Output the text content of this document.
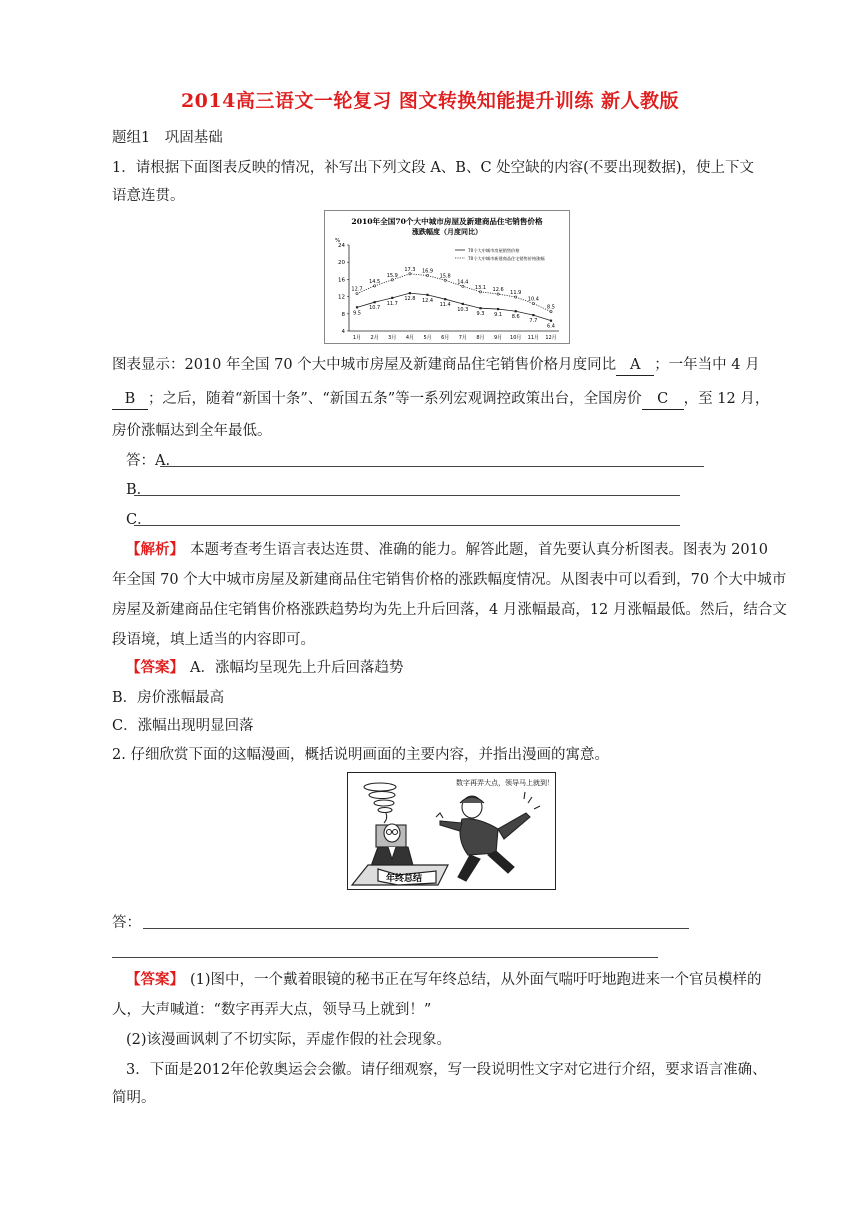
2014高三语文一轮复习 图文转换知能提升训练 新人教版
题组1　巩固基础
1．请根据下面图表反映的情况，补写出下列文段 A、B、C 处空缺的内容(不要出现数据)，使上下文
语意连贯。
2010年全国70个大中城市房屋及新建商品住宅销售价格
涨跌幅度（月度同比）
%
4
8
12
16
20
24
1月 2月 3月 4月 5月 6月 7月 8月 9月 10月 11月 12月
70个大中城市房屋销售价格
70个大中城市新建商品住宅销售价格涨幅
9.5
10.7
11.7
12.8 12.4
11.4
10.3
9.3 9.1 8.6
7.7
6.4
12.7
14.5
15.9
17.3 16.9
15.8
14.4
13.1 12.6
11.9
10.4
8.5
图表显示：2010 年全国 70 个大中城市房屋及新建商品住宅销售价格月度同比 A ；一年当中 4 月
B ；之后，随着“新国十条”、“新国五条”等一系列宏观调控政策出台，全国房价 C ，至 12 月，
房价涨幅达到全年最低。
答：A.
B．
C．
【解析】 本题考查考生语言表达连贯、准确的能力。解答此题，首先要认真分析图表。图表为 2010
年全国 70 个大中城市房屋及新建商品住宅销售价格的涨跌幅度情况。从图表中可以看到，70 个大中城市
房屋及新建商品住宅销售价格涨跌趋势均为先上升后回落，4 月涨幅最高，12 月涨幅最低。然后，结合文
段语境，填上适当的内容即可。
【答案】 A．涨幅均呈现先上升后回落趋势
B．房价涨幅最高
C．涨幅出现明显回落
2. 仔细欣赏下面的这幅漫画，概括说明画面的主要内容，并指出漫画的寓意。
年终总结
数字再弄大点，领导马上就到！
答：
【答案】 (1)图中，一个戴着眼镜的秘书正在写年终总结，从外面气喘吁吁地跑进来一个官员模样的
人，大声喊道：“数字再弄大点，领导马上就到！”
(2)该漫画讽刺了不切实际，弄虚作假的社会现象。
3．下面是2012年伦敦奥运会会徽。请仔细观察，写一段说明性文字对它进行介绍，要求语言准确、
简明。
